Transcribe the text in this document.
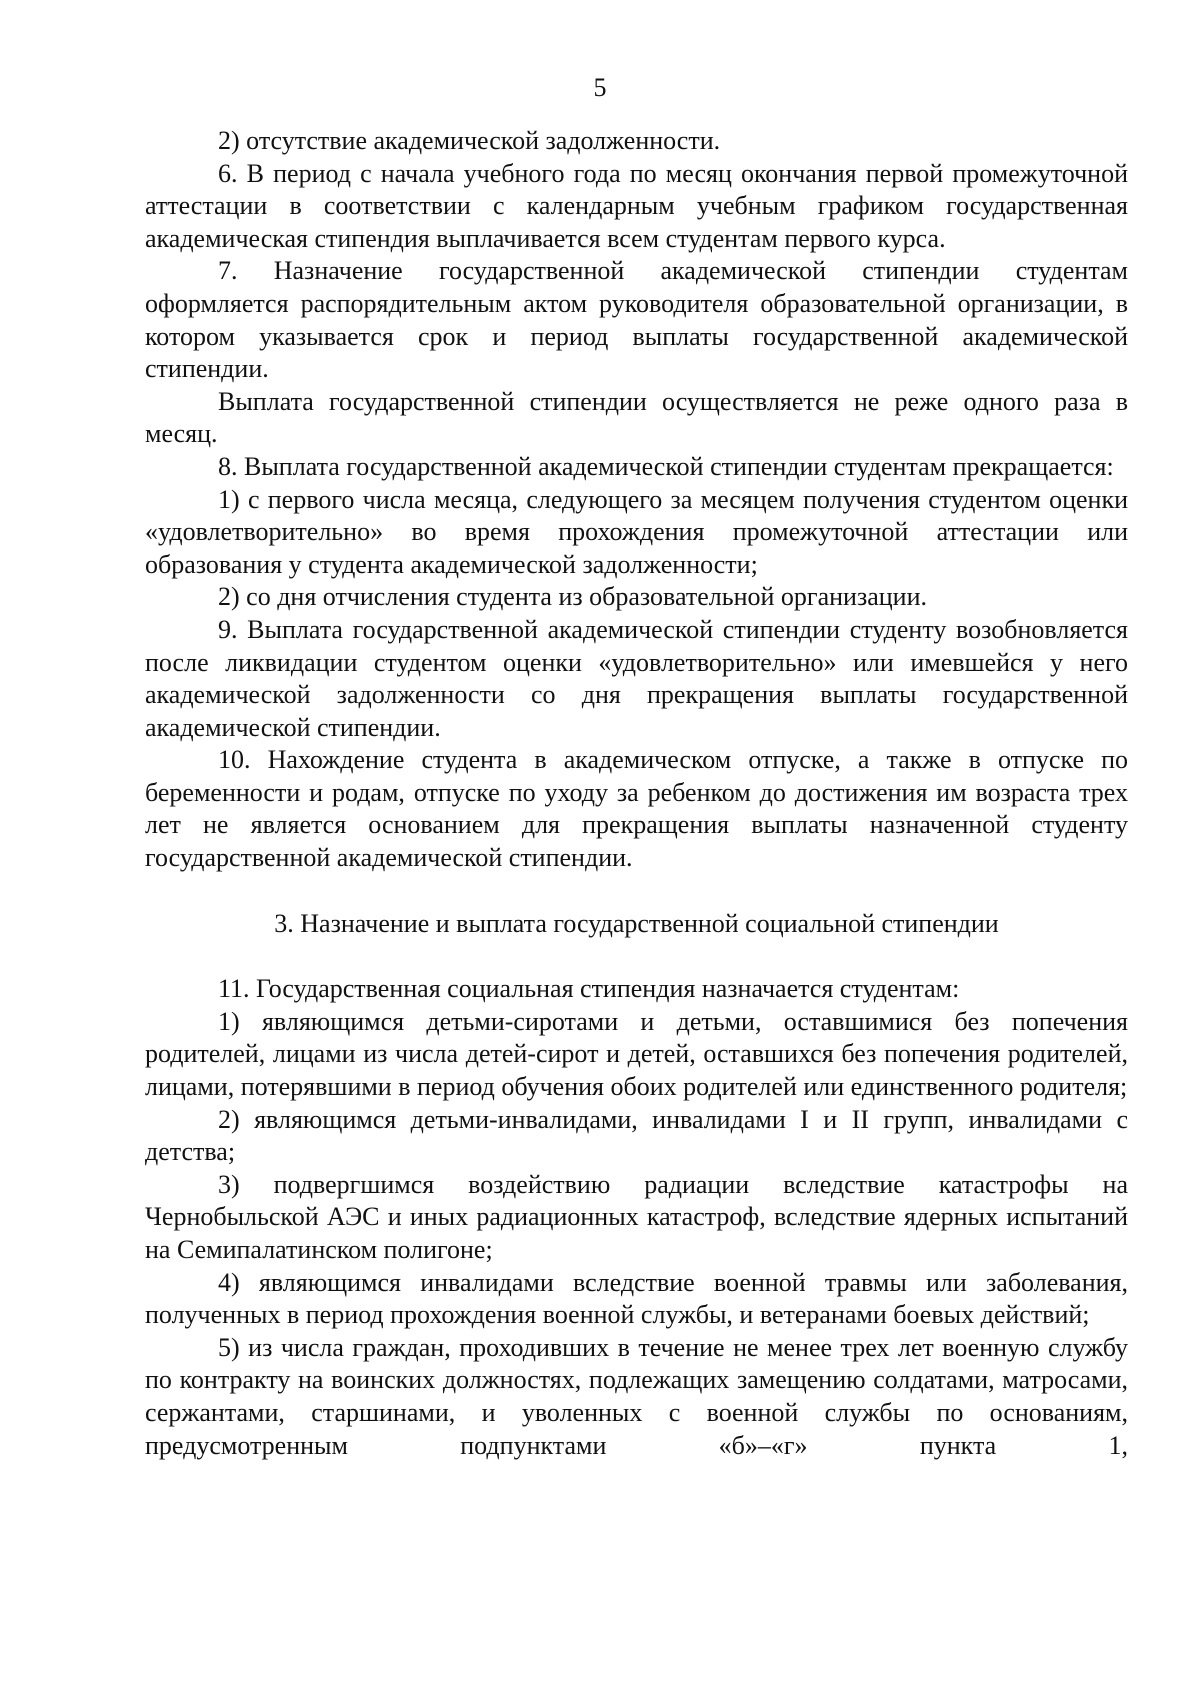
5

2) отсутствие академической задолженности.

6. В период с начала учебного года по месяц окончания первой промежуточной аттестации в соответствии с календарным учебным графиком государственная академическая стипендия выплачивается всем студентам первого курса.

7. Назначение государственной академической стипендии студентам оформляется распорядительным актом руководителя образовательной организации, в котором указывается срок и период выплаты государственной академической стипендии.

Выплата государственной стипендии осуществляется не реже одного раза в месяц.

8. Выплата государственной академической стипендии студентам прекращается:

1) с первого числа месяца, следующего за месяцем получения студентом оценки «удовлетворительно» во время прохождения промежуточной аттестации или образования у студента академической задолженности;

2) со дня отчисления студента из образовательной организации.

9. Выплата государственной академической стипендии студенту возобновляется после ликвидации студентом оценки «удовлетворительно» или имевшейся у него академической задолженности со дня прекращения выплаты государственной академической стипендии.

10. Нахождение студента в академическом отпуске, а также в отпуске по беременности и родам, отпуске по уходу за ребенком до достижения им возраста трех лет не является основанием для прекращения выплаты назначенной студенту государственной академической стипендии.

3. Назначение и выплата государственной социальной стипендии

11. Государственная социальная стипендия назначается студентам:

1) являющимся детьми-сиротами и детьми, оставшимися без попечения родителей, лицами из числа детей-сирот и детей, оставшихся без попечения родителей, лицами, потерявшими в период обучения обоих родителей или единственного родителя;

2) являющимся детьми-инвалидами, инвалидами I и II групп, инвалидами с детства;

3) подвергшимся воздействию радиации вследствие катастрофы на Чернобыльской АЭС и иных радиационных катастроф, вследствие ядерных испытаний на Семипалатинском полигоне;

4) являющимся инвалидами вследствие военной травмы или заболевания, полученных в период прохождения военной службы, и ветеранами боевых действий;

5) из числа граждан, проходивших в течение не менее трех лет военную службу по контракту на воинских должностях, подлежащих замещению солдатами, матросами, сержантами, старшинами, и уволенных с военной службы по основаниям, предусмотренным подпунктами «б»–«г» пункта 1,
